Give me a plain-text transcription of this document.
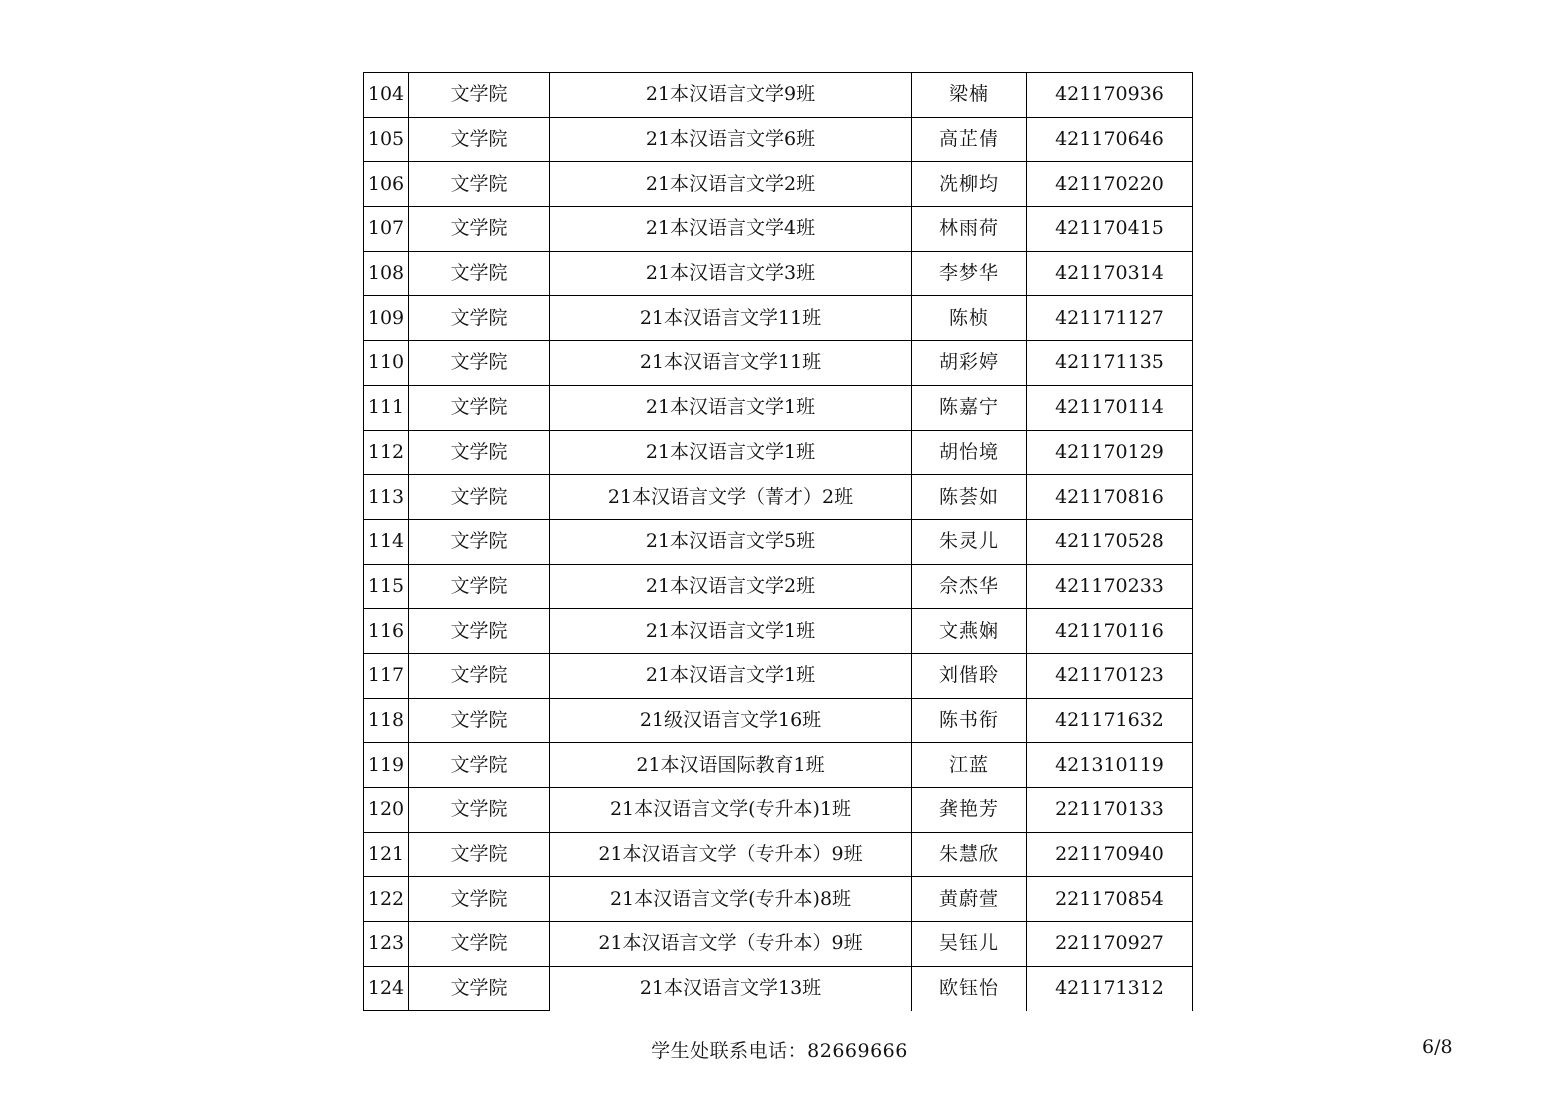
104	文学院	21本汉语言文学9班	梁楠	421170936
105	文学院	21本汉语言文学6班	高芷倩	421170646
106	文学院	21本汉语言文学2班	冼柳均	421170220
107	文学院	21本汉语言文学4班	林雨荷	421170415
108	文学院	21本汉语言文学3班	李梦华	421170314
109	文学院	21本汉语言文学11班	陈桢	421171127
110	文学院	21本汉语言文学11班	胡彩婷	421171135
111	文学院	21本汉语言文学1班	陈嘉宁	421170114
112	文学院	21本汉语言文学1班	胡怡境	421170129
113	文学院	21本汉语言文学（菁才）2班	陈荟如	421170816
114	文学院	21本汉语言文学5班	朱灵儿	421170528
115	文学院	21本汉语言文学2班	佘杰华	421170233
116	文学院	21本汉语言文学1班	文燕娴	421170116
117	文学院	21本汉语言文学1班	刘偕聆	421170123
118	文学院	21级汉语言文学16班	陈书衔	421171632
119	文学院	21本汉语国际教育1班	江蓝	421310119
120	文学院	21本汉语言文学(专升本)1班	龚艳芳	221170133
121	文学院	21本汉语言文学（专升本）9班	朱慧欣	221170940
122	文学院	21本汉语言文学(专升本)8班	黄蔚萱	221170854
123	文学院	21本汉语言文学（专升本）9班	吴钰儿	221170927
124	文学院	21本汉语言文学13班	欧钰怡	421171312
学生处联系电话：82669666	6/8
